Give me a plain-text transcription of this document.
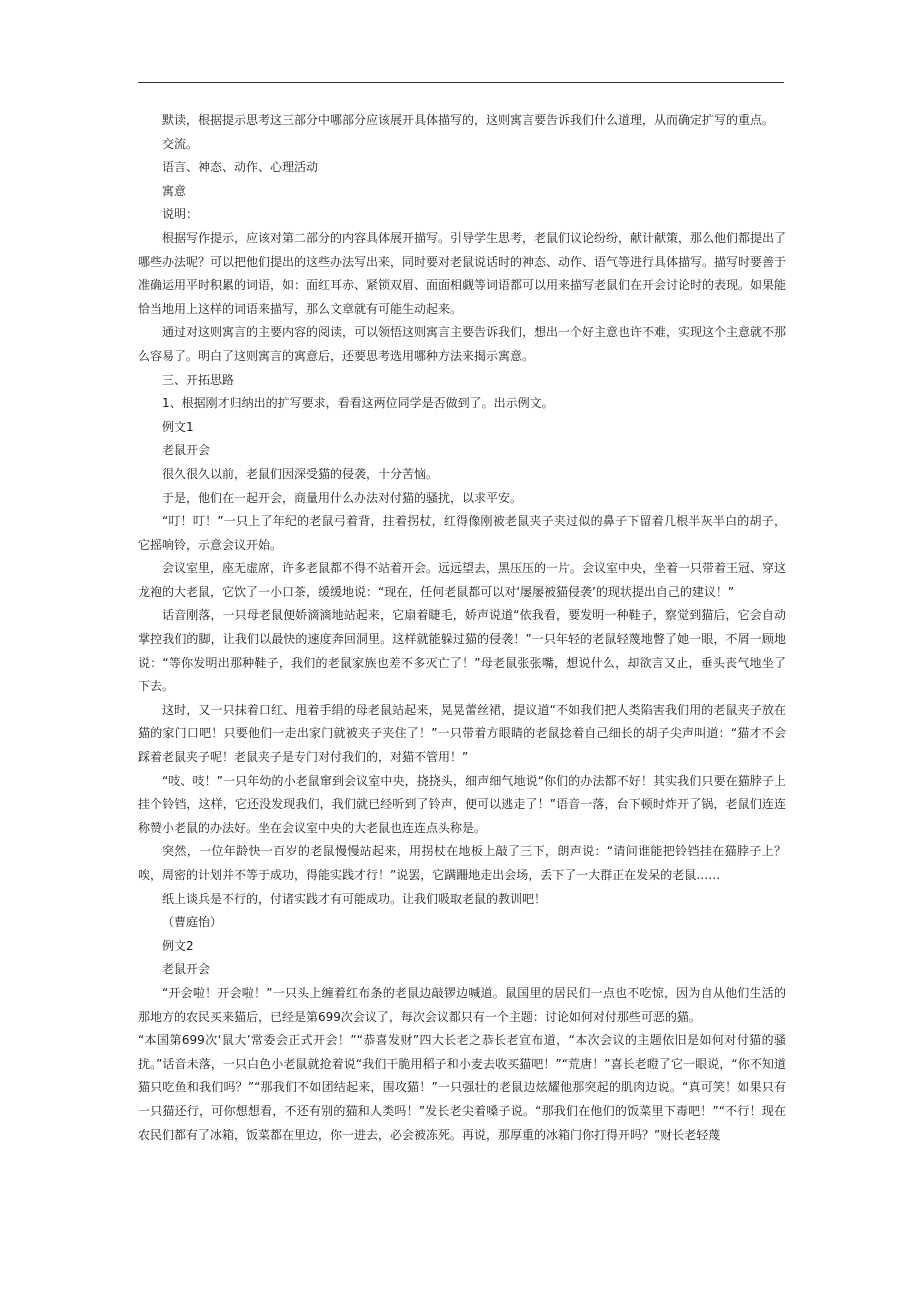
默读，根据提示思考这三部分中哪部分应该展开具体描写的，这则寓言要告诉我们什么道理，从而确定扩写的重点。

交流。

语言、神态、动作、心理活动

寓意

说明：

根据写作提示，应该对第二部分的内容具体展开描写。引导学生思考，老鼠们议论纷纷，献计献策，那么他们都提出了哪些办法呢？可以把他们提出的这些办法写出来，同时要对老鼠说话时的神态、动作、语气等进行具体描写。描写时要善于准确运用平时积累的词语，如：面红耳赤、紧锁双眉、面面相觑等词语都可以用来描写老鼠们在开会讨论时的表现。如果能恰当地用上这样的词语来描写，那么文章就有可能生动起来。

通过对这则寓言的主要内容的阅读，可以领悟这则寓言主要告诉我们，想出一个好主意也许不难，实现这个主意就不那么容易了。明白了这则寓言的寓意后，还要思考选用哪种方法来揭示寓意。

三、开拓思路

1、根据刚才归纳出的扩写要求，看看这两位同学是否做到了。出示例文。

例文1

老鼠开会

很久很久以前，老鼠们因深受猫的侵袭，十分苦恼。

于是，他们在一起开会，商量用什么办法对付猫的骚扰，以求平安。

“叮！叮！”一只上了年纪的老鼠弓着背，拄着拐杖，红得像刚被老鼠夹子夹过似的鼻子下留着几根半灰半白的胡子，它摇响铃，示意会议开始。

会议室里，座无虚席，许多老鼠都不得不站着开会。远远望去，黑压压的一片。会议室中央，坐着一只带着王冠、穿这龙袍的大老鼠，它饮了一小口茶，缓缓地说：“现在，任何老鼠都可以对‘屡屡被猫侵袭’的现状提出自己的建议！”

话音刚落，一只母老鼠便娇滴滴地站起来，它扇着睫毛，娇声说道“依我看，要发明一种鞋子，察觉到猫后，它会自动掌控我们的脚，让我们以最快的速度奔回洞里。这样就能躲过猫的侵袭！”一只年轻的老鼠轻蔑地瞥了她一眼，不屑一顾地说：“等你发明出那种鞋子，我们的老鼠家族也差不多灭亡了！”母老鼠张张嘴，想说什么，却欲言又止，垂头丧气地坐了下去。

这时，又一只抹着口红、甩着手绢的母老鼠站起来，晃晃蕾丝裙，提议道“不如我们把人类陷害我们用的老鼠夹子放在猫的家门口吧！只要他们一走出家门就被夹子夹住了！”一只带着方眼睛的老鼠捻着自己细长的胡子尖声叫道：“猫才不会踩着老鼠夹子呢！老鼠夹子是专门对付我们的，对猫不管用！”

“吱、吱！”一只年幼的小老鼠窜到会议室中央，挠挠头，细声细气地说“你们的办法都不好！其实我们只要在猫脖子上挂个铃铛，这样，它还没发现我们，我们就已经听到了铃声，便可以逃走了！”语音一落，台下顿时炸开了锅，老鼠们连连称赞小老鼠的办法好。坐在会议室中央的大老鼠也连连点头称是。

突然，一位年龄快一百岁的老鼠慢慢站起来，用拐杖在地板上敲了三下，朗声说：“请问谁能把铃铛挂在猫脖子上？唉，周密的计划并不等于成功，得能实践才行！”说罢，它蹒跚地走出会场，丢下了一大群正在发呆的老鼠……

纸上谈兵是不行的，付诸实践才有可能成功。让我们吸取老鼠的教训吧！

（曹庭怡）

例文2

老鼠开会

“开会啦！开会啦！”一只头上缠着红布条的老鼠边敲锣边喊道。鼠国里的居民们一点也不吃惊，因为自从他们生活的那地方的农民买来猫后，已经是第699次会议了，每次会议都只有一个主题：讨论如何对付那些可恶的猫。

“本国第699次‘鼠大’常委会正式开会！”“恭喜发财”四大长老之恭长老宣布道，“本次会议的主题依旧是如何对付猫的骚扰。”话音未落，一只白色小老鼠就抢着说“我们干脆用稻子和小麦去收买猫吧！”“荒唐！”喜长老瞪了它一眼说，“你不知道猫只吃鱼和我们吗？”“那我们不如团结起来，围攻猫！”一只强壮的老鼠边炫耀他那突起的肌肉边说。“真可笑！如果只有一只猫还行，可你想想看，不还有别的猫和人类吗！”发长老尖着嗓子说。“那我们在他们的饭菜里下毒吧！”“不行！现在农民们都有了冰箱，饭菜都在里边，你一进去，必会被冻死。再说，那厚重的冰箱门你打得开吗？”财长老轻蔑
